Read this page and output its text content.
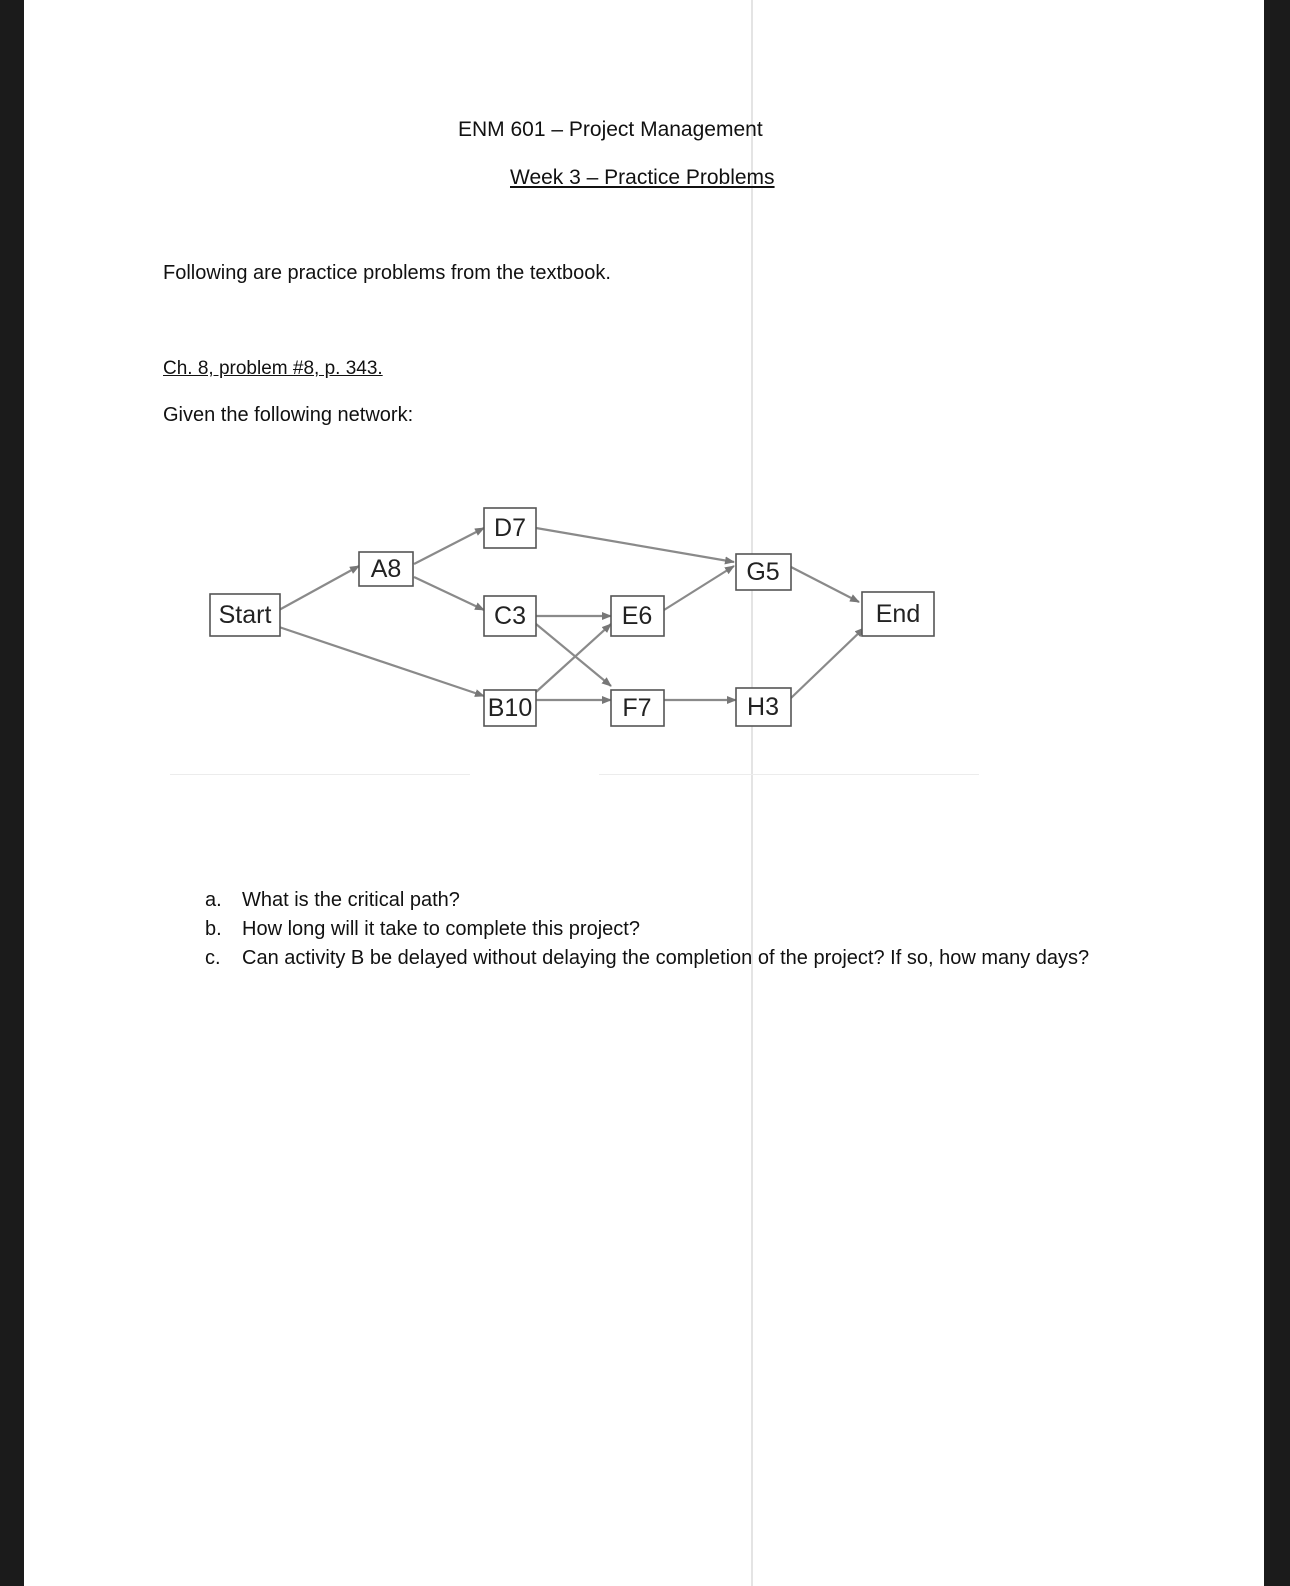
ENM 601 – Project Management
Week 3 – Practice Problems
Following are practice problems from the textbook.
Ch. 8, problem #8, p. 343.
Given the following network:
Start
A8
D7
C3
B10
E6
F7
G5
H3
End
a.	What is the critical path?
b.	How long will it take to complete this project?
c.	Can activity B be delayed without delaying the completion of the project? If so, how many days?
